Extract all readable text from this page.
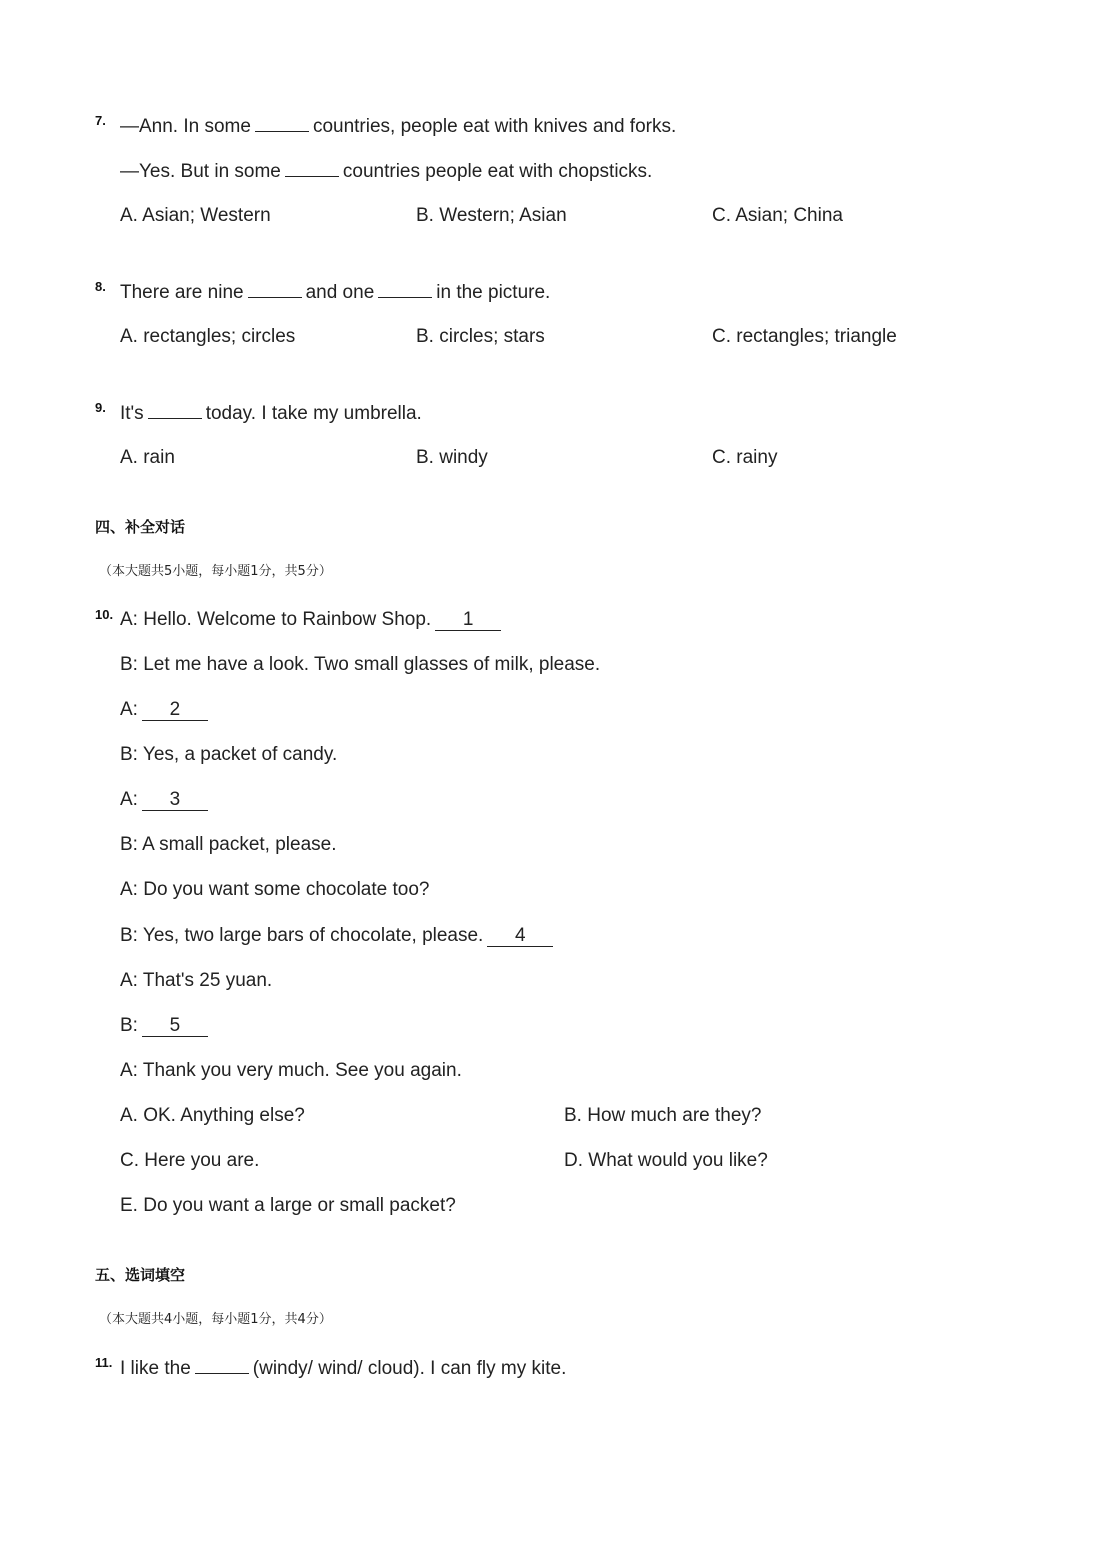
7. —Ann. In some	countries, people eat with knives and forks.
—Yes. But in some	countries people eat with chopsticks.
A. Asian; Western	B. Western; Asian	C. Asian; China
8. There are nine	and one	in the picture.
A. rectangles; circles	B. circles; stars	C. rectangles; triangle
9. It's	today. I take my umbrella.
A. rain	B. windy	C. rainy
四、补全对话
（本大题共5小题，每小题1分，共5分）
10. A: Hello. Welcome to Rainbow Shop. 1
B: Let me have a look. Two small glasses of milk, please.
A: 2
B: Yes, a packet of candy.
A: 3
B: A small packet, please.
A: Do you want some chocolate too?
B: Yes, two large bars of chocolate, please. 4
A: That's 25 yuan.
B: 5
A: Thank you very much. See you again.
A. OK. Anything else?	B. How much are they?
C. Here you are.	D. What would you like?
E. Do you want a large or small packet?
五、选词填空
（本大题共4小题，每小题1分，共4分）
11. I like the	(windy/ wind/ cloud). I can fly my kite.
